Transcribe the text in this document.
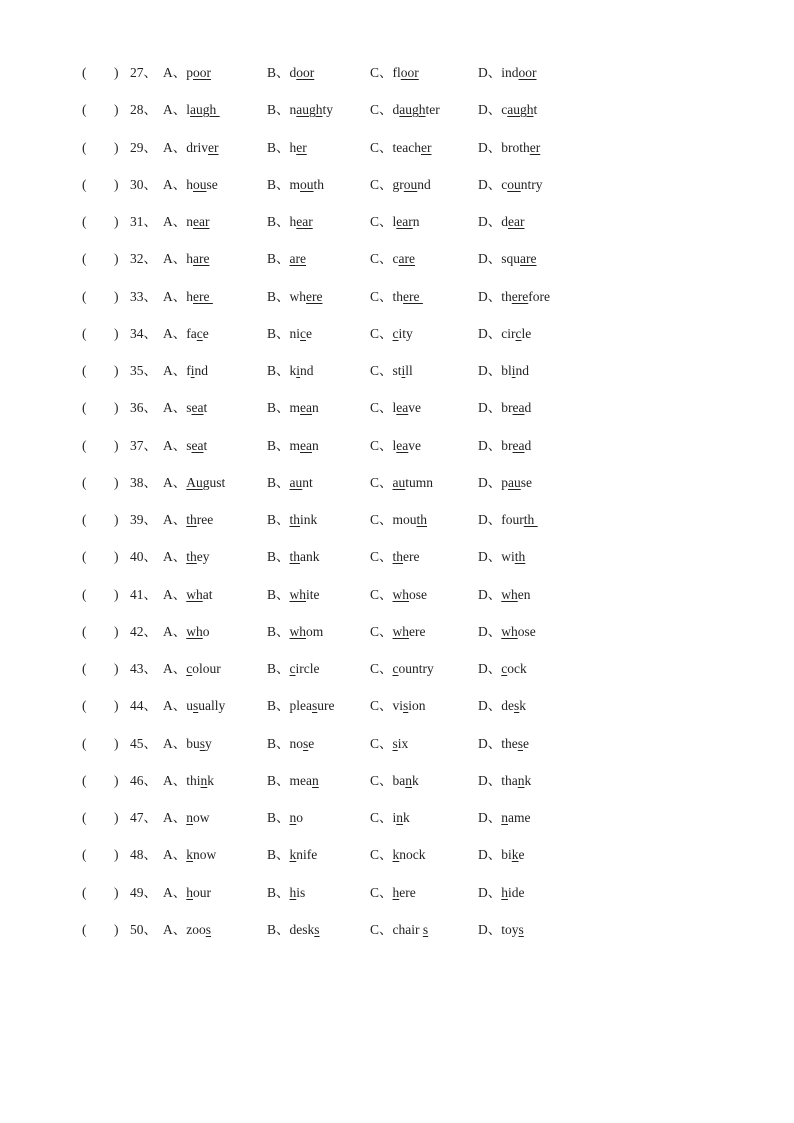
( ) 27、 A、poor	B、door	C、floor	D、indoor
( ) 28、 A、laugh	B、naughty	C、daughter	D、caught
( ) 29、 A、driver	B、her	C、teacher	D、brother
( ) 30、 A、house	B、mouth	C、ground	D、country
( ) 31、 A、near	B、hear	C、learn	D、dear
( ) 32、 A、hare	B、are	C、care	D、square
( ) 33、 A、here	B、where	C、there	D、therefore
( ) 34、 A、face	B、nice	C、city	D、circle
( ) 35、 A、find	B、kind	C、still	D、blind
( ) 36、 A、seat	B、mean	C、leave	D、bread
( ) 37、 A、seat	B、mean	C、leave	D、bread
( ) 38、 A、August	B、aunt	C、autumn	D、pause
( ) 39、 A、three	B、think	C、mouth	D、fourth
( ) 40、 A、they	B、thank	C、there	D、with
( ) 41、 A、what	B、white	C、whose	D、when
( ) 42、 A、who	B、whom	C、where	D、whose
( ) 43、 A、colour	B、circle	C、country	D、cock
( ) 44、 A、usually	B、pleasure	C、vision	D、desk
( ) 45、 A、busy	B、nose	C、six	D、these
( ) 46、 A、think	B、mean	C、bank	D、thank
( ) 47、 A、now	B、no	C、ink	D、name
( ) 48、 A、know	B、knife	C、knock	D、bike
( ) 49、 A、hour	B、his	C、here	D、hide
( ) 50、 A、zoos	B、desks	C、chair s	D、toys
